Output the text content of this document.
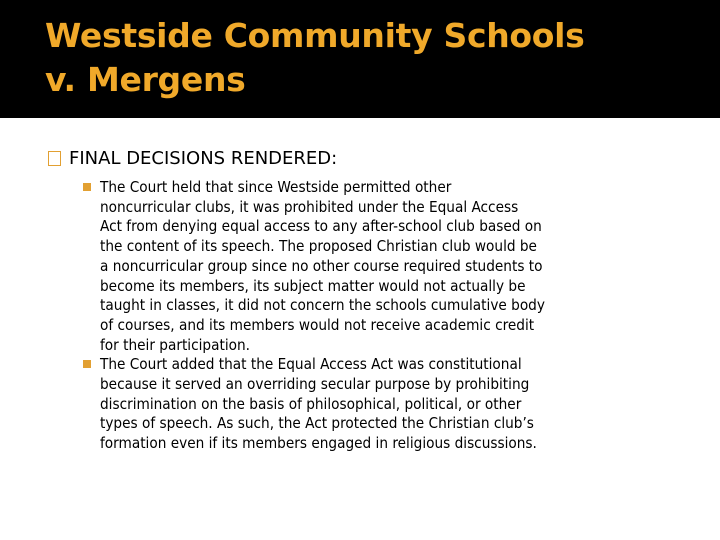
Westside Community Schools
v. Mergens
FINAL DECISIONS RENDERED:
The Court held that since Westside permitted other
noncurricular clubs, it was prohibited under the Equal Access
Act from denying equal access to any after-school club based on
the content of its speech. The proposed Christian club would be
a noncurricular group since no other course required students to
become its members, its subject matter would not actually be
taught in classes, it did not concern the schools cumulative body
of courses, and its members would not receive academic credit
for their participation.
The Court added that the Equal Access Act was constitutional
because it served an overriding secular purpose by prohibiting
discrimination on the basis of philosophical, political, or other
types of speech. As such, the Act protected the Christian club’s
formation even if its members engaged in religious discussions.
